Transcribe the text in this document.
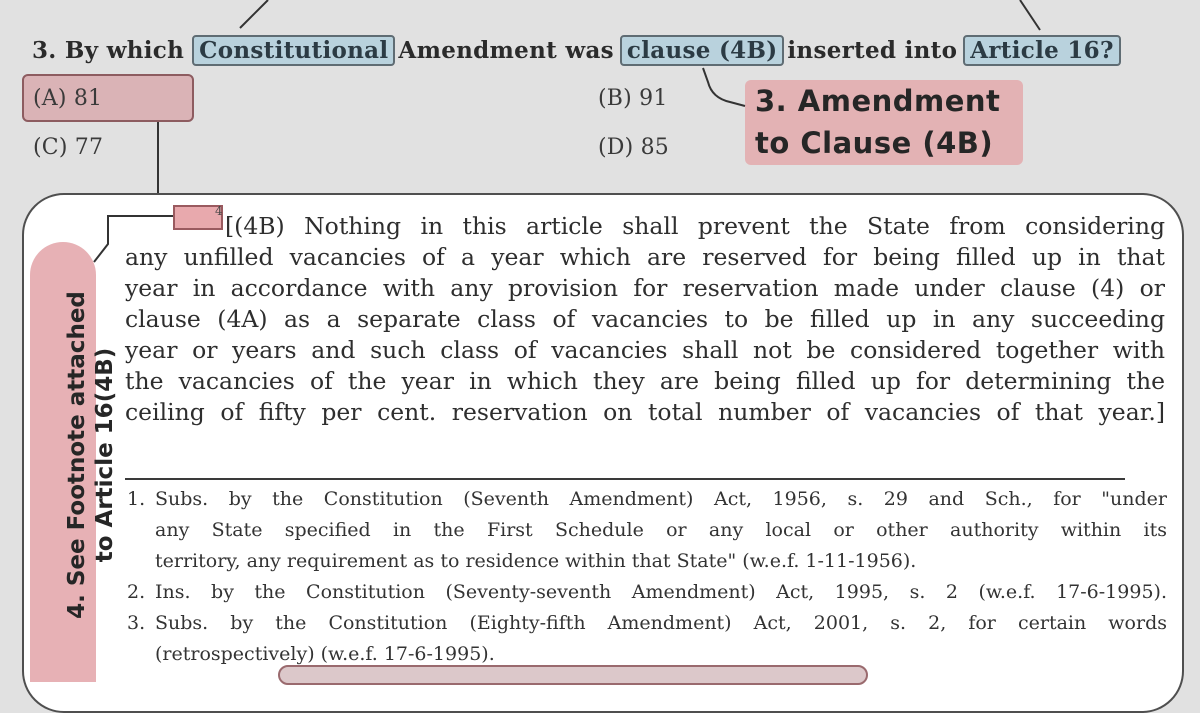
3. By which Constitutional Amendment was clause (4B) inserted into Article 16?
(A) 81	(B) 91
(C) 77	(D) 85
3. Amendment
to Clause (4B)
4. See Footnote attached to Article 16(4B)
4
[(4B) Nothing in this article shall prevent the State from considering
any unfilled vacancies of a year which are reserved for being filled up in that
year in accordance with any provision for reservation made under clause (4) or
clause (4A) as a separate class of vacancies to be filled up in any succeeding
year or years and such class of vacancies shall not be considered together with
the vacancies of the year in which they are being filled up for determining the
ceiling of fifty per cent. reservation on total number of vacancies of that year.]
1. Subs. by the Constitution (Seventh Amendment) Act, 1956, s. 29 and Sch., for "under
any State specified in the First Schedule or any local or other authority within its
territory, any requirement as to residence within that State" (w.e.f. 1-11-1956).
2. Ins. by the Constitution (Seventy-seventh Amendment) Act, 1995, s. 2 (w.e.f. 17-6-1995).
3. Subs. by the Constitution (Eighty-fifth Amendment) Act, 2001, s. 2, for certain words
(retrospectively) (w.e.f. 17-6-1995).
